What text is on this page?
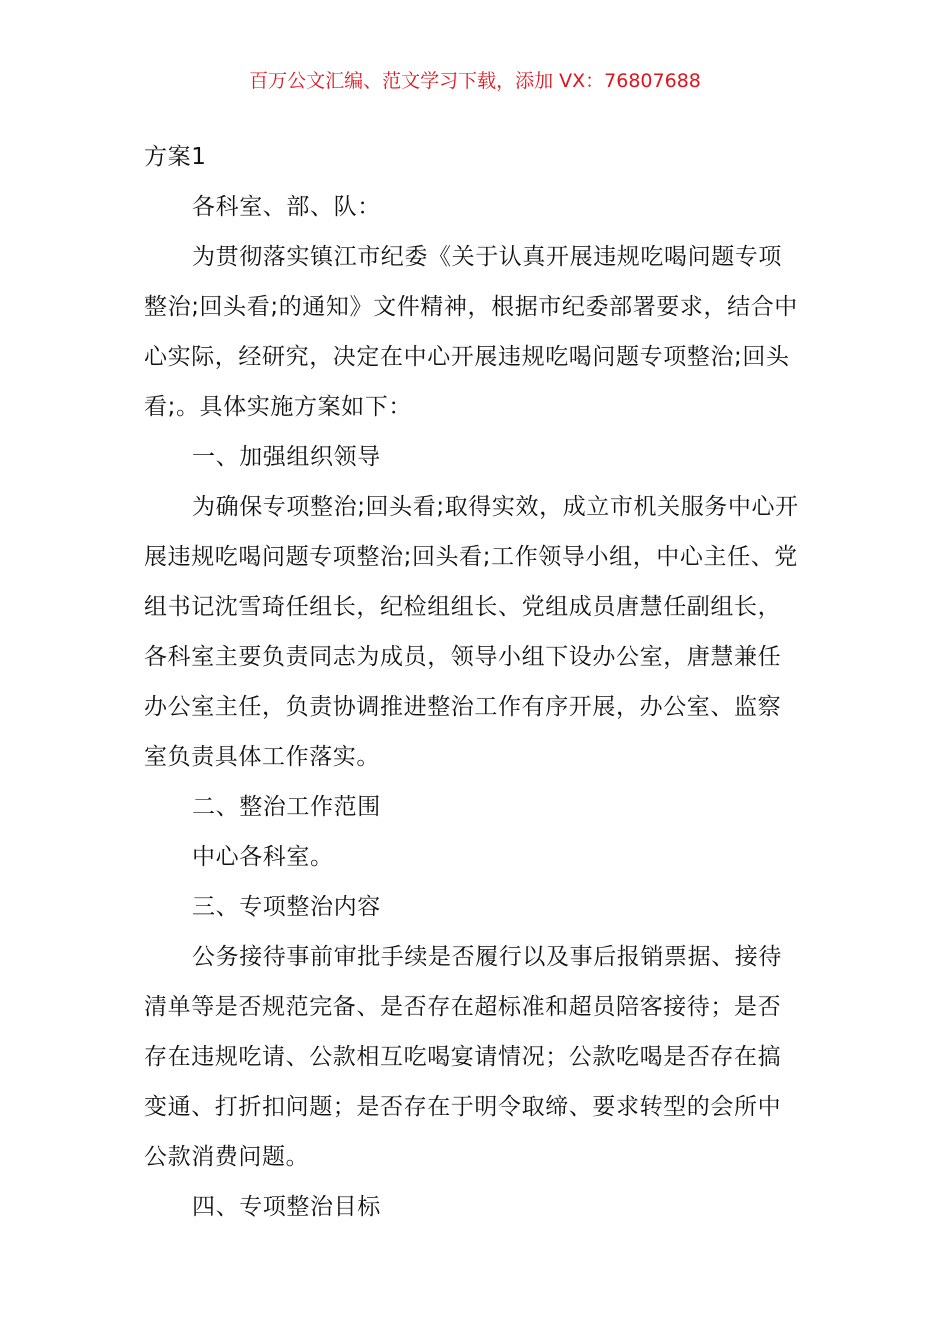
百万公文汇编、范文学习下载，添加 VX：76807688
方案1
各科室、部、队：
为贯彻落实镇江市纪委《关于认真开展违规吃喝问题专项
整治;回头看;的通知》文件精神，根据市纪委部署要求，结合中
心实际，经研究，决定在中心开展违规吃喝问题专项整治;回头
看;。具体实施方案如下：
一、加强组织领导
为确保专项整治;回头看;取得实效，成立市机关服务中心开
展违规吃喝问题专项整治;回头看;工作领导小组，中心主任、党
组书记沈雪琦任组长，纪检组组长、党组成员唐慧任副组长，
各科室主要负责同志为成员，领导小组下设办公室，唐慧兼任
办公室主任，负责协调推进整治工作有序开展，办公室、监察
室负责具体工作落实。
二、整治工作范围
中心各科室。
三、专项整治内容
公务接待事前审批手续是否履行以及事后报销票据、接待
清单等是否规范完备、是否存在超标准和超员陪客接待；是否
存在违规吃请、公款相互吃喝宴请情况；公款吃喝是否存在搞
变通、打折扣问题；是否存在于明令取缔、要求转型的会所中
公款消费问题。
四、专项整治目标
